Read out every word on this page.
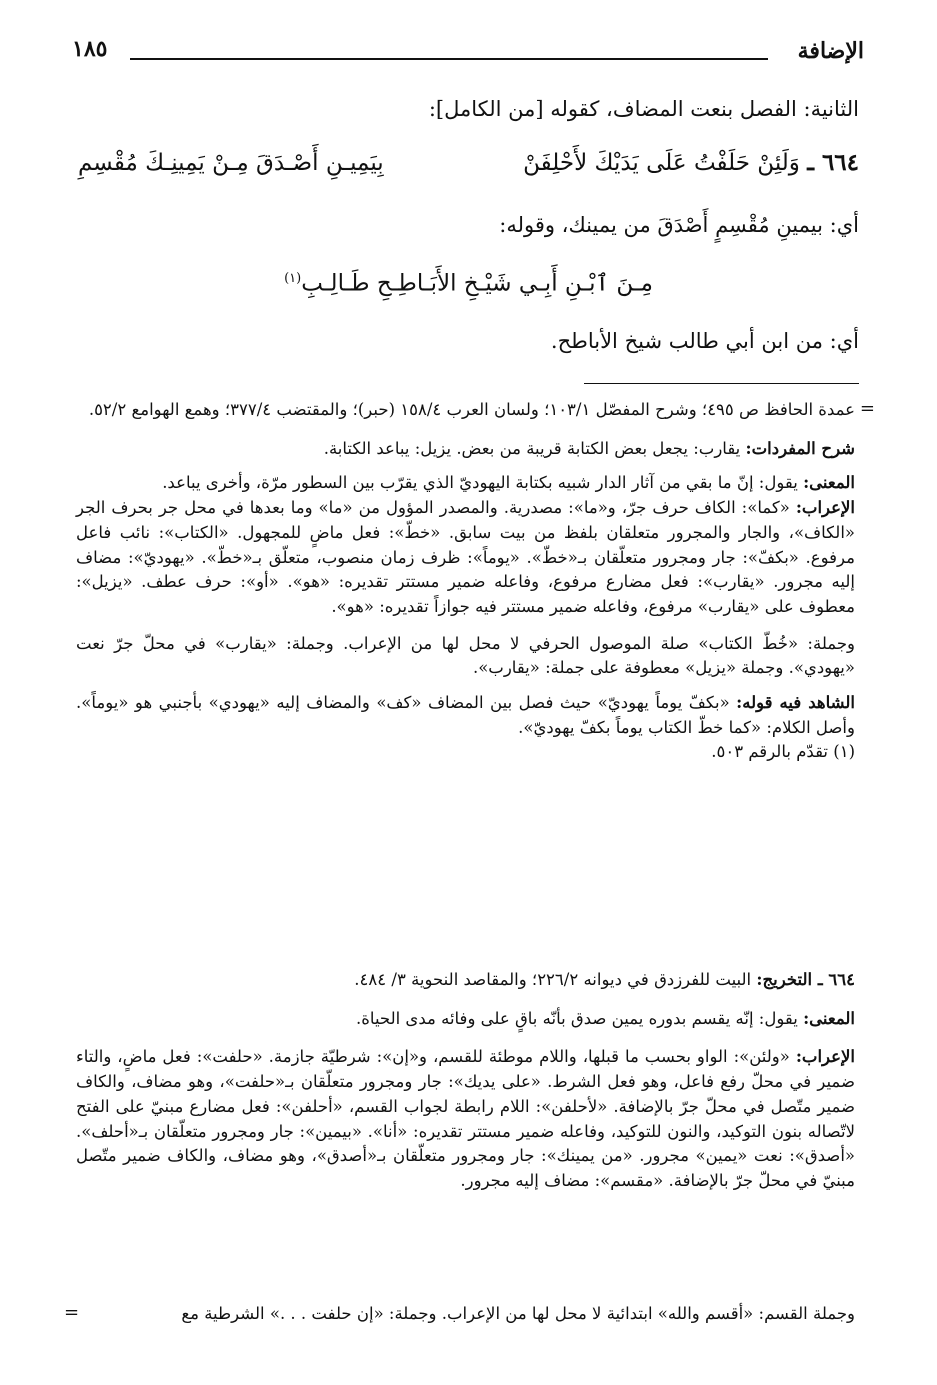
الإضافة
١٨٥
الثانية: الفصل بنعت المضاف، كقوله [من الكامل]:
٦٦٤ ـ وَلَئِنْ حَلَفْتُ عَلَى يَدَيْكَ لأَحْلِفَنْ
بِيَمِيـنِ أَصْـدَقَ مِـنْ يَمِينِـكَ مُقْسِمِ
أي: بيمينِ مُقْسِمٍ أَصْدَقَ من يمينك، وقوله:
مِـنَ ٱبْـنِ أَبِـي شَيْـخِ الأَبَـاطِـحِ طَـالِـبِ$^{(١)}$
أي: من ابن أبي طالب شيخ الأباطح.
=

عمدة الحافظ ص ٤٩٥؛ وشرح المفصّل ١٠٣/١؛ ولسان العرب ١٥٨/٤ (حبر)؛ والمقتضب ٣٧٧/٤؛ وهمع الهوامع ٥٢/٢.

شرح المفردات: يقارب: يجعل بعض الكتابة قريبة من بعض. يزيل: يباعد الكتابة.

المعنى: يقول: إنّ ما بقي من آثار الدار شبيه بكتابة اليهوديّ الذي يقرّب بين السطور مرّة، وأخرى يباعد.

الإعراب: «كما»: الكاف حرف جرّ، و«ما»: مصدرية. والمصدر المؤول من «ما» وما بعدها في محل جر بحرف الجر «الكاف»، والجار والمجرور متعلقان بلفظ من بيت سابق. «خطّ»: فعل ماضٍ للمجهول. «الكتاب»: نائب فاعل مرفوع. «بكفّ»: جار ومجرور متعلّقان بـ«خطّ». «يوماً»: ظرف زمان منصوب، متعلّق بـ«خطّ». «يهوديّ»: مضاف إليه مجرور. «يقارب»: فعل مضارع مرفوع، وفاعله ضمير مستتر تقديره: «هو». «أو»: حرف عطف. «يزيل»: معطوف على «يقارب» مرفوع، وفاعله ضمير مستتر فيه جوازاً تقديره: «هو».

وجملة: «خُطّ الكتاب» صلة الموصول الحرفي لا محل لها من الإعراب. وجملة: «يقارب» في محلّ جرّ نعت «يهودي». وجملة «يزيل» معطوفة على جملة: «يقارب».

الشاهد فيه قوله: «بكفّ يوماً يهوديّ» حيث فصل بين المضاف «كف» والمضاف إليه «يهودي» بأجنبي هو «يوماً». وأصل الكلام: «كما خطّ الكتاب يوماً بكفّ يهوديّ».

(١) تقدّم بالرقم ٥٠٣.

٦٦٤ ـ التخريج: البيت للفرزدق في ديوانه ٢٢٦/٢؛ والمقاصد النحوية ٣/ ٤٨٤.

المعنى: يقول: إنّه يقسم بدوره يمين صدق بأنّه باقٍ على وفائه مدى الحياة.

الإعراب: «ولئن»: الواو بحسب ما قبلها، واللام موطئة للقسم، و«إن»: شرطيّة جازمة. «حلفت»: فعل ماضٍ، والتاء ضمير في محلّ رفع فاعل، وهو فعل الشرط. «على يديك»: جار ومجرور متعلّقان بـ«حلفت»، وهو مضاف، والكاف ضمير متّصل في محلّ جرّ بالإضافة. «لأحلفن»: اللام رابطة لجواب القسم، «أحلفن»: فعل مضارع مبنيّ على الفتح لاتّصاله بنون التوكيد، والنون للتوكيد، وفاعله ضمير مستتر تقديره: «أنا». «بيمين»: جار ومجرور متعلّقان بـ«أحلف». «أصدق»: نعت «يمين» مجرور. «من يمينك»: جار ومجرور متعلّقان بـ«أصدق»، وهو مضاف، والكاف ضمير متّصل مبنيّ في محلّ جرّ بالإضافة. «مقسم»: مضاف إليه مجرور.

وجملة القسم: «أقسم والله» ابتدائية لا محل لها من الإعراب. وجملة: «إن حلفت . . .» الشرطية مع

=
